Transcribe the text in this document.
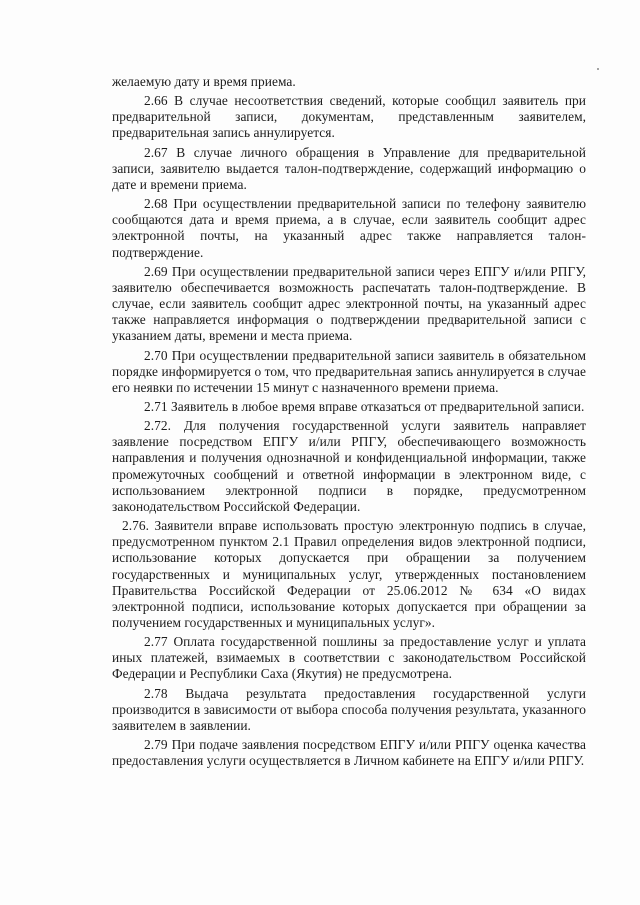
желаемую дату и время приема.

2.66 В случае несоответствия сведений, которые сообщил заявитель при предварительной записи, документам, представленным заявителем, предварительная запись аннулируется.

2.67 В случае личного обращения в Управление для предварительной записи, заявителю выдается талон-подтверждение, содержащий информацию о дате и времени приема.

2.68 При осуществлении предварительной записи по телефону заявителю сообщаются дата и время приема, а в случае, если заявитель сообщит адрес электронной почты, на указанный адрес также направляется талон-подтверждение.

2.69 При осуществлении предварительной записи через ЕПГУ и/или РПГУ, заявителю обеспечивается возможность распечатать талон-подтверждение. В случае, если заявитель сообщит адрес электронной почты, на указанный адрес также направляется информация о подтверждении предварительной записи с указанием даты, времени и места приема.

2.70 При осуществлении предварительной записи заявитель в обязательном порядке информируется о том, что предварительная запись аннулируется в случае его неявки по истечении 15 минут с назначенного времени приема.

2.71 Заявитель в любое время вправе отказаться от предварительной записи.

2.72. Для получения государственной услуги заявитель направляет заявление посредством ЕПГУ и/или РПГУ, обеспечивающего возможность направления и получения однозначной и конфиденциальной информации, также промежуточных сообщений и ответной информации в электронном виде, с использованием электронной подписи в порядке, предусмотренном законодательством Российской Федерации.

2.76. Заявители вправе использовать простую электронную подпись в случае, предусмотренном пунктом 2.1 Правил определения видов электронной подписи, использование которых допускается при обращении за получением государственных и муниципальных услуг, утвержденных постановлением Правительства Российской Федерации от 25.06.2012 № 634 «О видах электронной подписи, использование которых допускается при обращении за получением государственных и муниципальных услуг».

2.77 Оплата государственной пошлины за предоставление услуг и уплата иных платежей, взимаемых в соответствии с законодательством Российской Федерации и Республики Саха (Якутия) не предусмотрена.

2.78 Выдача результата предоставления государственной услуги производится в зависимости от выбора способа получения результата, указанного заявителем в заявлении.

2.79 При подаче заявления посредством ЕПГУ и/или РПГУ оценка качества предоставления услуги осуществляется в Личном кабинете на ЕПГУ и/или РПГУ.
